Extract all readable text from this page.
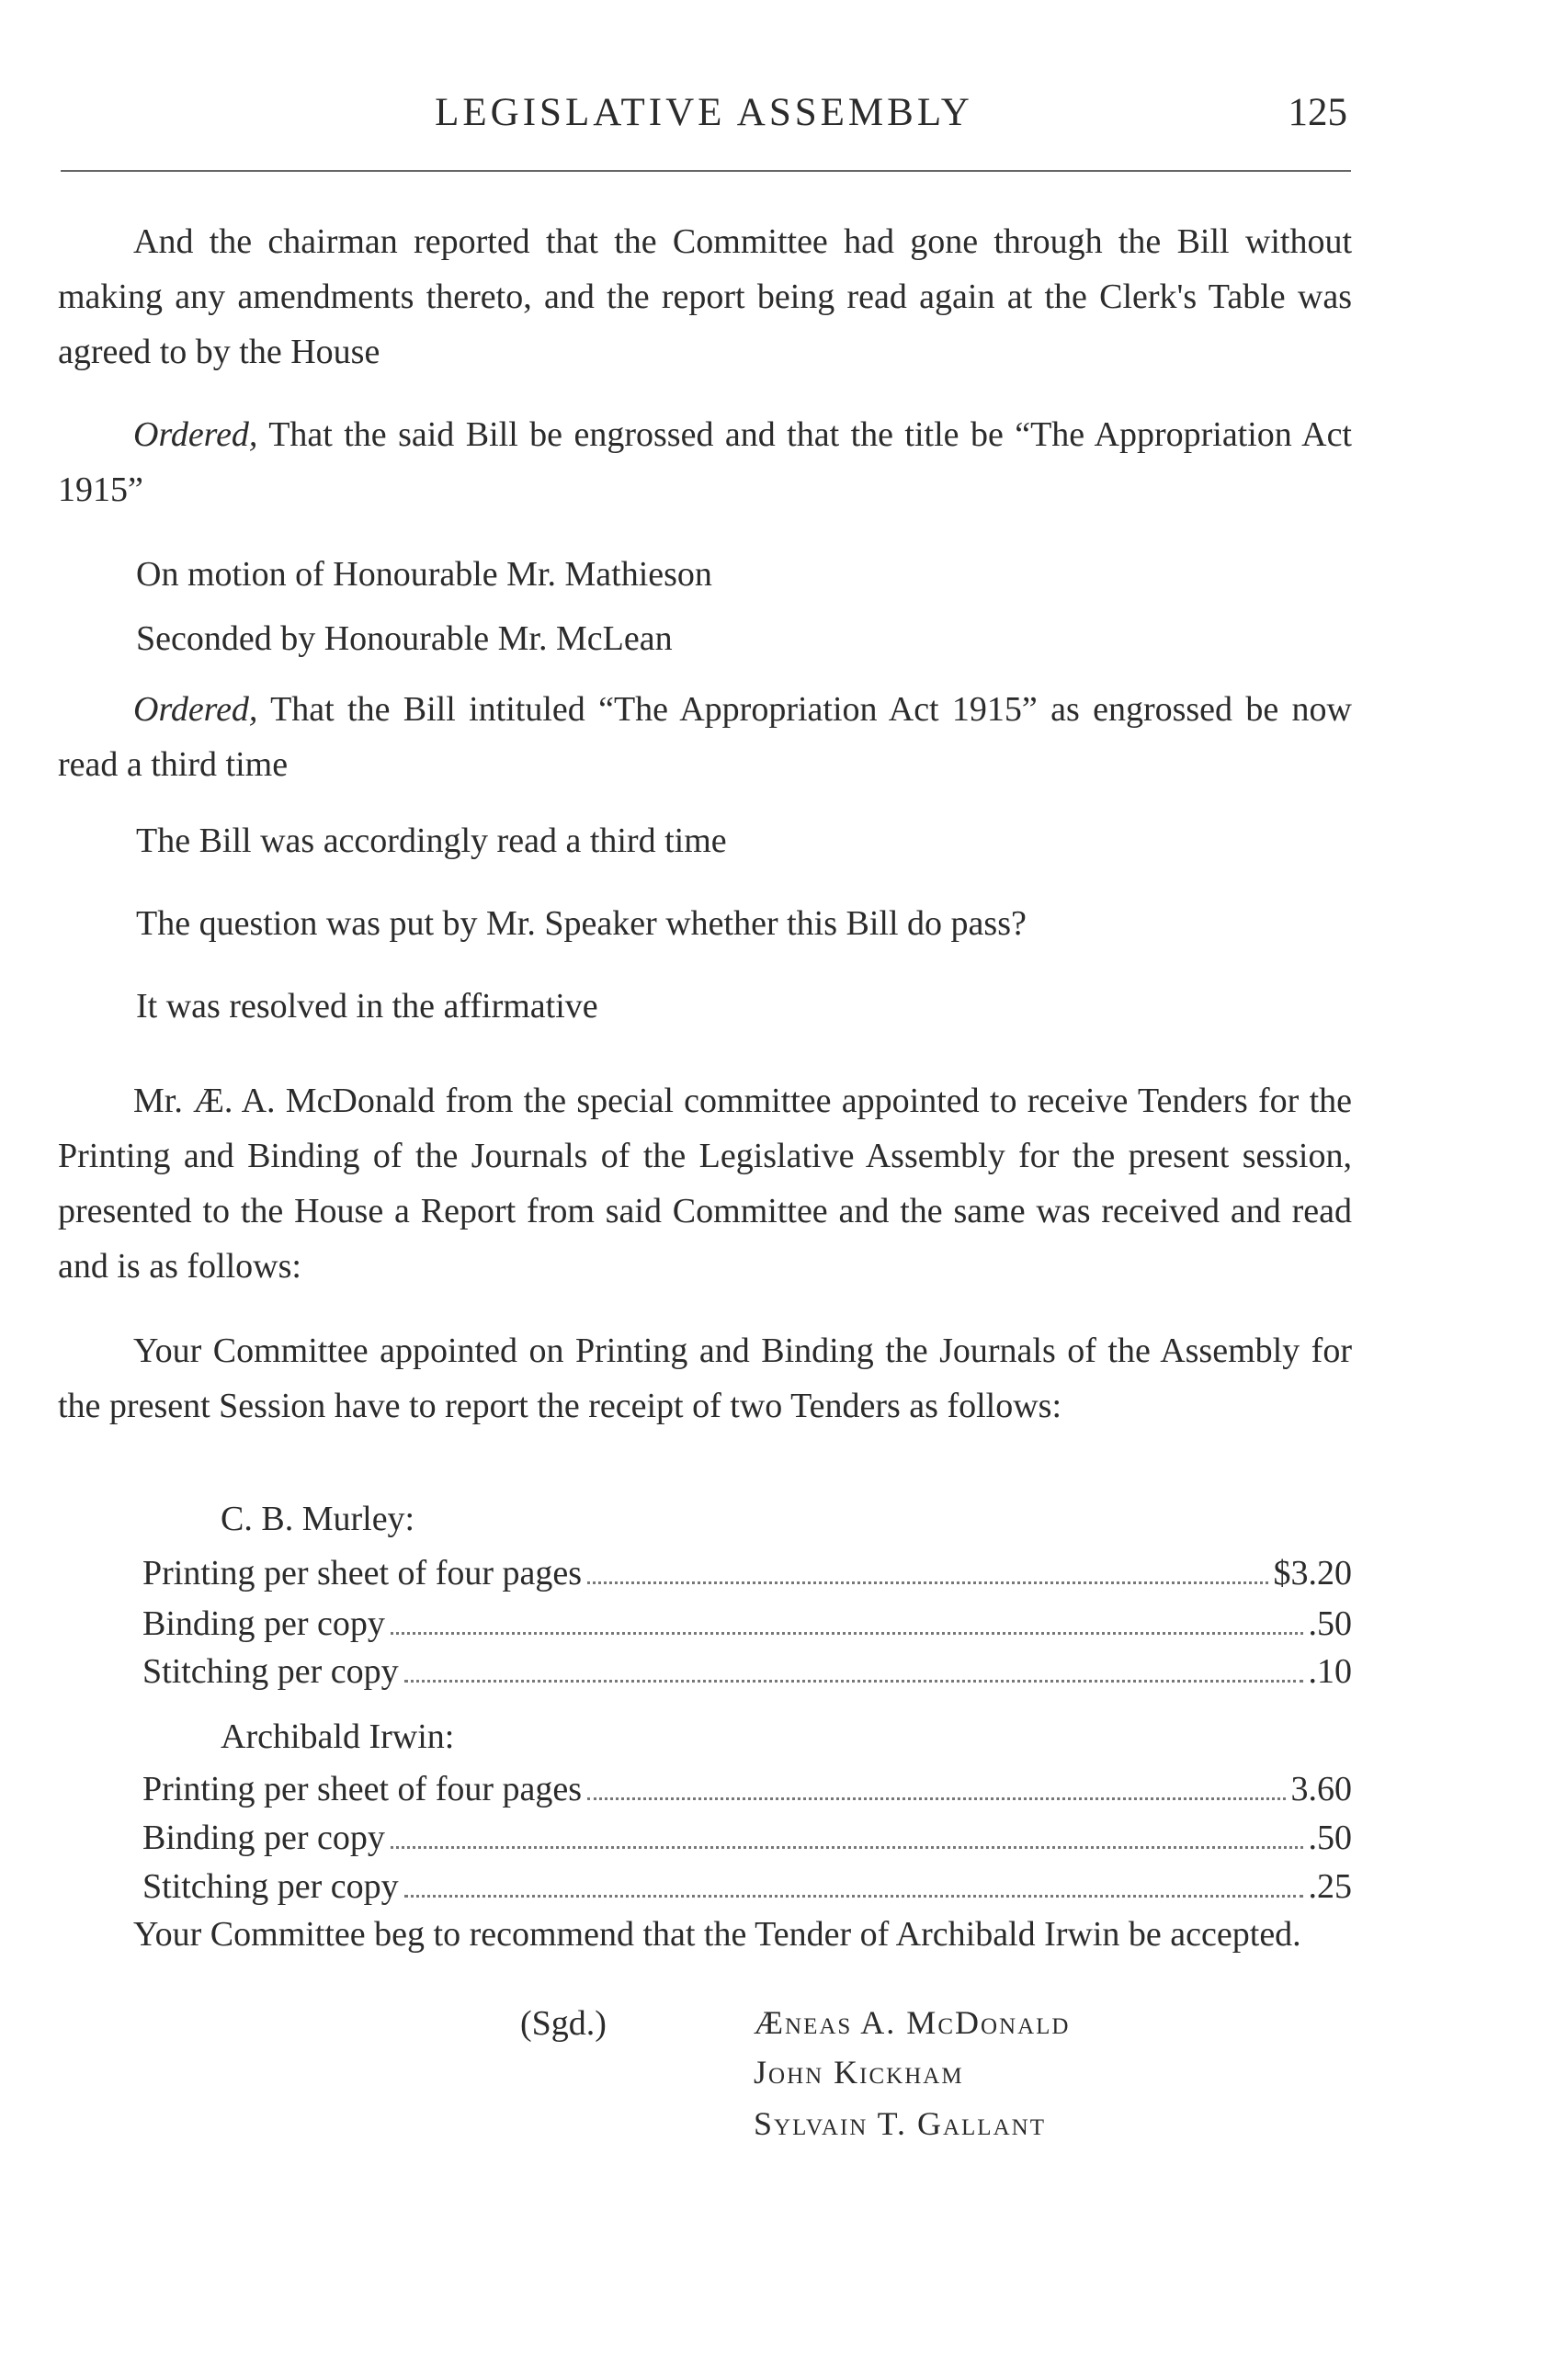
LEGISLATIVE ASSEMBLY	125
And the chairman reported that the Committee had gone through the Bill without making any amendments thereto, and the report being read again at the Clerk's Table was agreed to by the House
Ordered, That the said Bill be engrossed and that the title be “The Appropriation Act 1915”
On motion of Honourable Mr. Mathieson
Seconded by Honourable Mr. McLean
Ordered, That the Bill intituled “The Appropriation Act 1915” as engrossed be now read a third time
The Bill was accordingly read a third time
The question was put by Mr. Speaker whether this Bill do pass?
It was resolved in the affirmative
Mr. Æ. A. McDonald from the special committee appointed to receive Tenders for the Printing and Binding of the Journals of the Legislative Assembly for the present session, presented to the House a Report from said Committee and the same was received and read and is as follows:
Your Committee appointed on Printing and Binding the Journals of the Assembly for the present Session have to report the receipt of two Tenders as follows:
C. B. Murley:
Printing per sheet of four pages	$3.20
Binding per copy	.50
Stitching per copy	.10
Archibald Irwin:
Printing per sheet of four pages	3.60
Binding per copy	.50
Stitching per copy	.25
Your Committee beg to recommend that the Tender of Archibald Irwin be accepted.
(Sgd.)	Æneas A. McDonald
John Kickham
Sylvain T. Gallant
